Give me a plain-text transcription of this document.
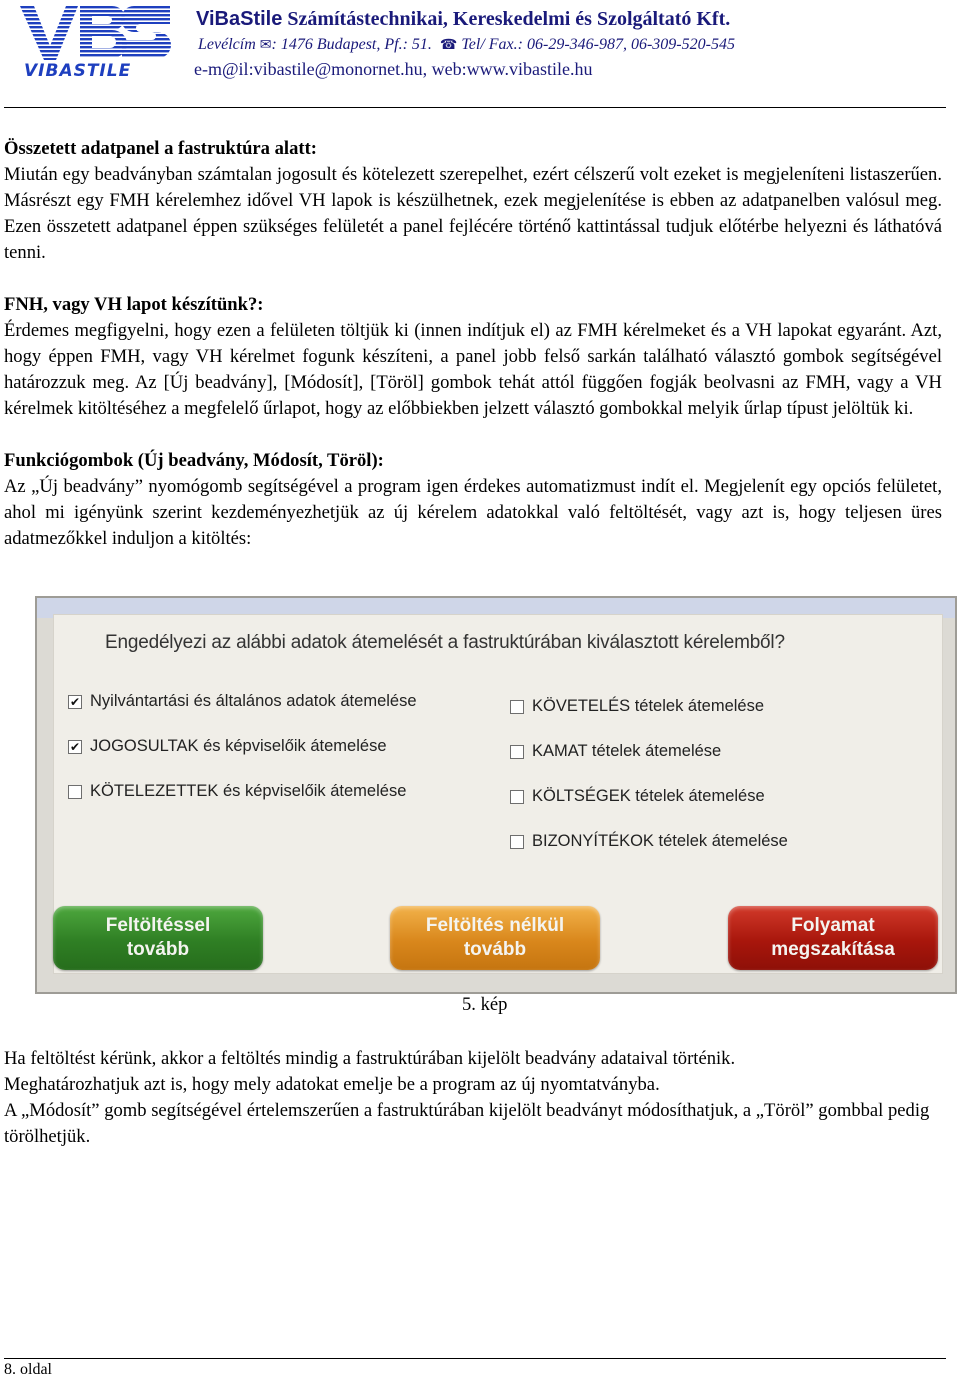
VIBASTILE
ViBaStile Számítástechnikai, Kereskedelmi és Szolgáltató Kft.
Levélcím ✉: 1476 Budapest, Pf.: 51. ☎ Tel/ Fax.: 06-29-346-987, 06-309-520-545
e-m@il:vibastile@monornet.hu, web:www.vibastile.hu
Összetett adatpanel a fastruktúra alatt:

Miután egy beadványban számtalan jogosult és kötelezett szerepelhet, ezért célszerű volt ezeket is megjeleníteni listaszerűen. Másrészt egy FMH kérelemhez idővel VH lapok is készülhetnek, ezek megjelenítése is ebben az adatpanelben valósul meg. Ezen összetett adatpanel éppen szükséges felületét a panel fejlécére történő kattintással tudjuk előtérbe helyezni és láthatóvá tenni.

FNH, vagy VH lapot készítünk?:

Érdemes megfigyelni, hogy ezen a felületen töltjük ki (innen indítjuk el) az FMH kérelmeket és a VH lapokat egyaránt. Azt, hogy éppen FMH, vagy VH kérelmet fogunk készíteni, a panel jobb felső sarkán található választó gombok segítségével határozzuk meg. Az [Új beadvány], [Módosít], [Töröl] gombok tehát attól függően fogják beolvasni az FMH, vagy a VH kérelmek kitöltéséhez a megfelelő űrlapot, hogy az előbbiekben jelzett választó gombokkal melyik űrlap típust jelöltük ki.

Funkciógombok (Új beadvány, Módosít, Töröl):

Az „Új beadvány” nyomógomb segítségével a program igen érdekes automatizmust indít el. Megjelenít egy opciós felületet, ahol mi igényünk szerint kezdeményezhetjük az új kérelem adatokkal való feltöltését, vagy azt is, hogy teljesen üres adatmezőkkel induljon a kitöltés:

Engedélyezi az alábbi adatok átemelését a fastruktúrában kiválasztott kérelemből?
✔ Nyilvántartási és általános adatok átemelése
✔ JOGOSULTAK és képviselőik átemelése
KÖTELEZETTEK és képviselőik átemelése
KÖVETELÉS tételek átemelése
KAMAT tételek átemelése
KÖLTSÉGEK tételek átemelése
BIZONYÍTÉKOK tételek átemelése
Feltöltéssel
tovább
Feltöltés nélkül
tovább
Folyamat
megszakítása
5. kép

Ha feltöltést kérünk, akkor a feltöltés mindig a fastruktúrában kijelölt beadvány adataival történik.

Meghatározhatjuk azt is, hogy mely adatokat emelje be a program az új nyomtatványba.

A „Módosít” gomb segítségével értelemszerűen a fastruktúrában kijelölt beadványt módosíthatjuk, a „Töröl” gombbal pedig törölhetjük.

8. oldal
